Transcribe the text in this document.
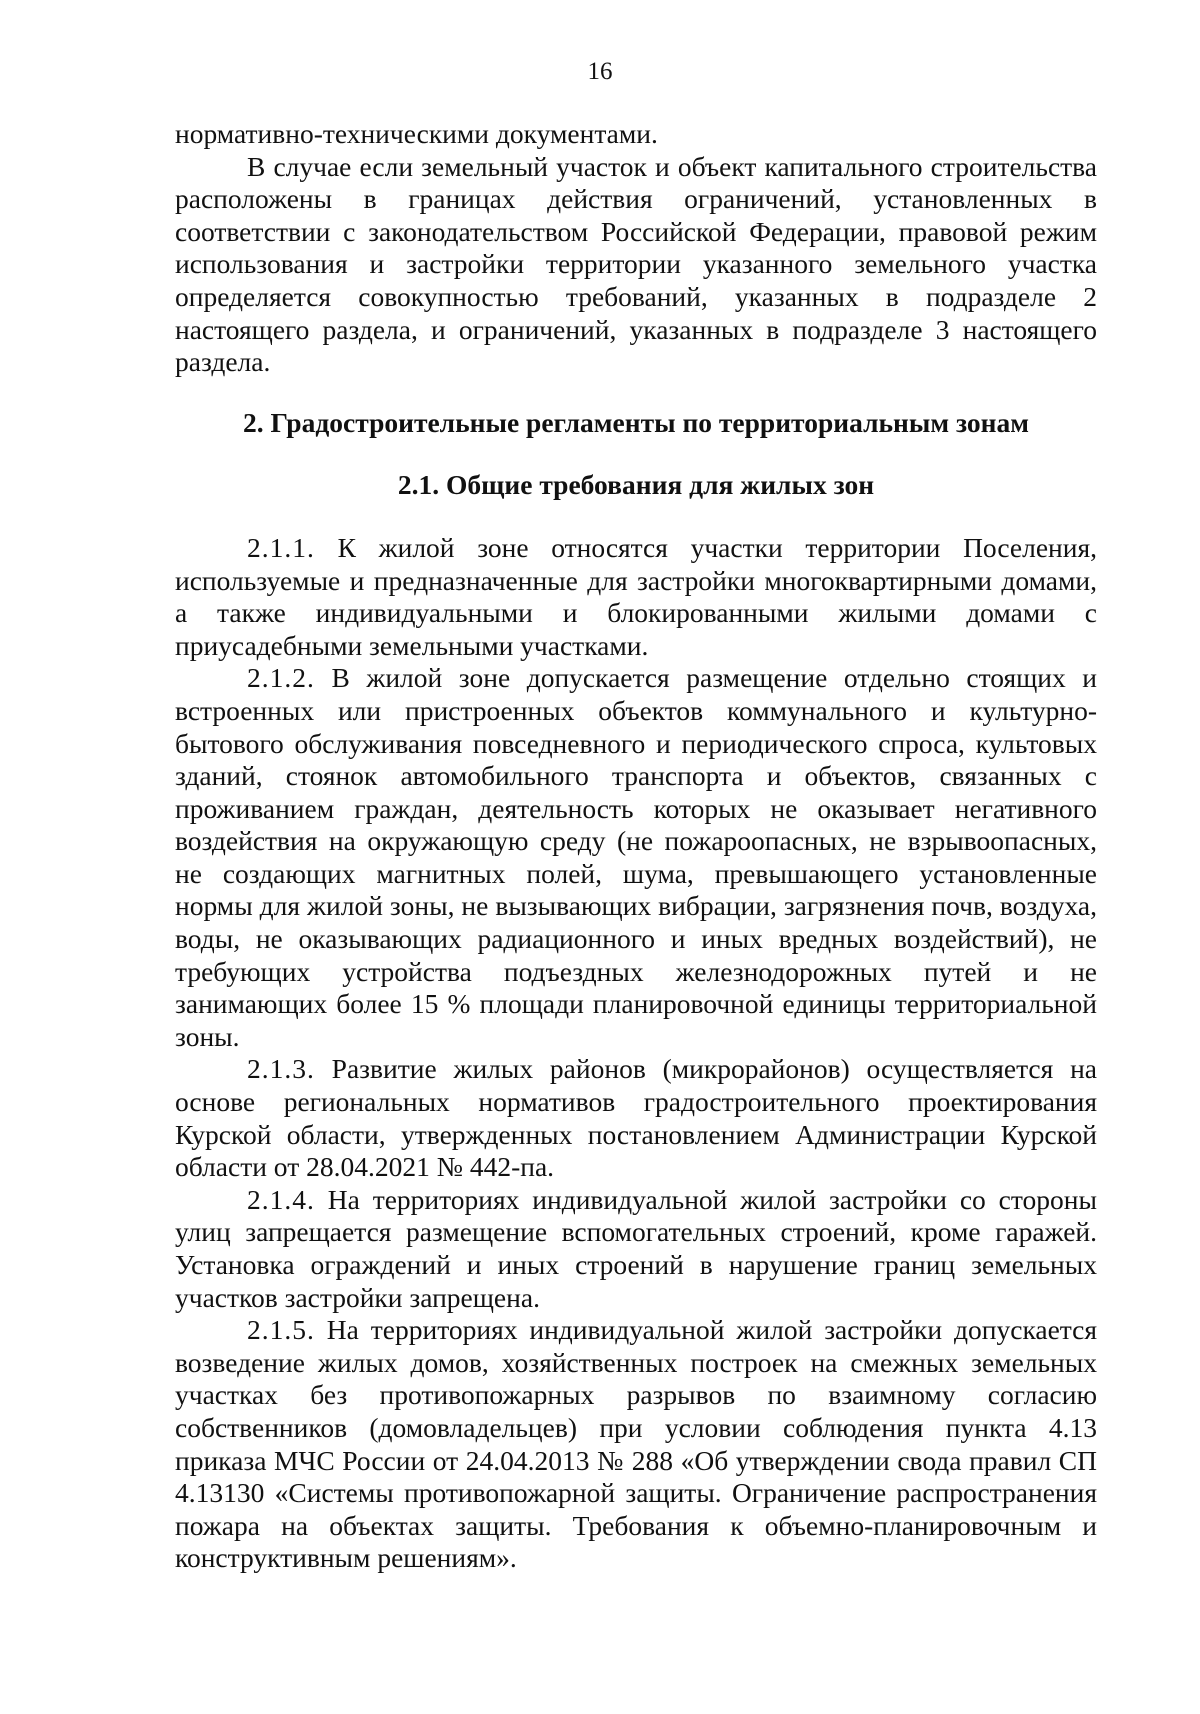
16

нормативно-техническими документами.

В случае если земельный участок и объект капитального строительства расположены в границах действия ограничений, установленных в соответствии с законодательством Российской Федерации, правовой режим использования и застройки территории указанного земельного участка определяется совокупностью требований, указанных в подразделе 2 настоящего раздела, и ограничений, указанных в подразделе 3 настоящего раздела.

2. Градостроительные регламенты по территориальным зонам

2.1. Общие требования для жилых зон

2.1.1. К жилой зоне относятся участки территории Поселения, используемые и предназначенные для застройки многоквартирными домами, а также индивидуальными и блокированными жилыми домами с приусадебными земельными участками.

2.1.2. В жилой зоне допускается размещение отдельно стоящих и встроенных или пристроенных объектов коммунального и культурно-бытового обслуживания повседневного и периодического спроса, культовых зданий, стоянок автомобильного транспорта и объектов, связанных с проживанием граждан, деятельность которых не оказывает негативного воздействия на окружающую среду (не пожароопасных, не взрывоопасных, не создающих магнитных полей, шума, превышающего установленные нормы для жилой зоны, не вызывающих вибрации, загрязнения почв, воздуха, воды, не оказывающих радиационного и иных вредных воздействий), не требующих устройства подъездных железнодорожных путей и не занимающих более 15 % площади планировочной единицы территориальной зоны.

2.1.3. Развитие жилых районов (микрорайонов) осуществляется на основе региональных нормативов градостроительного проектирования Курской области, утвержденных постановлением Администрации Курской области от 28.04.2021 № 442-па.

2.1.4. На территориях индивидуальной жилой застройки со стороны улиц запрещается размещение вспомогательных строений, кроме гаражей. Установка ограждений и иных строений в нарушение границ земельных участков застройки запрещена.

2.1.5. На территориях индивидуальной жилой застройки допускается возведение жилых домов, хозяйственных построек на смежных земельных участках без противопожарных разрывов по взаимному согласию собственников (домовладельцев) при условии соблюдения пункта 4.13 приказа МЧС России от 24.04.2013 № 288 «Об утверждении свода правил СП 4.13130 «Системы противопожарной защиты. Ограничение распространения пожара на объектах защиты. Требования к объемно-планировочным и конструктивным решениям».
